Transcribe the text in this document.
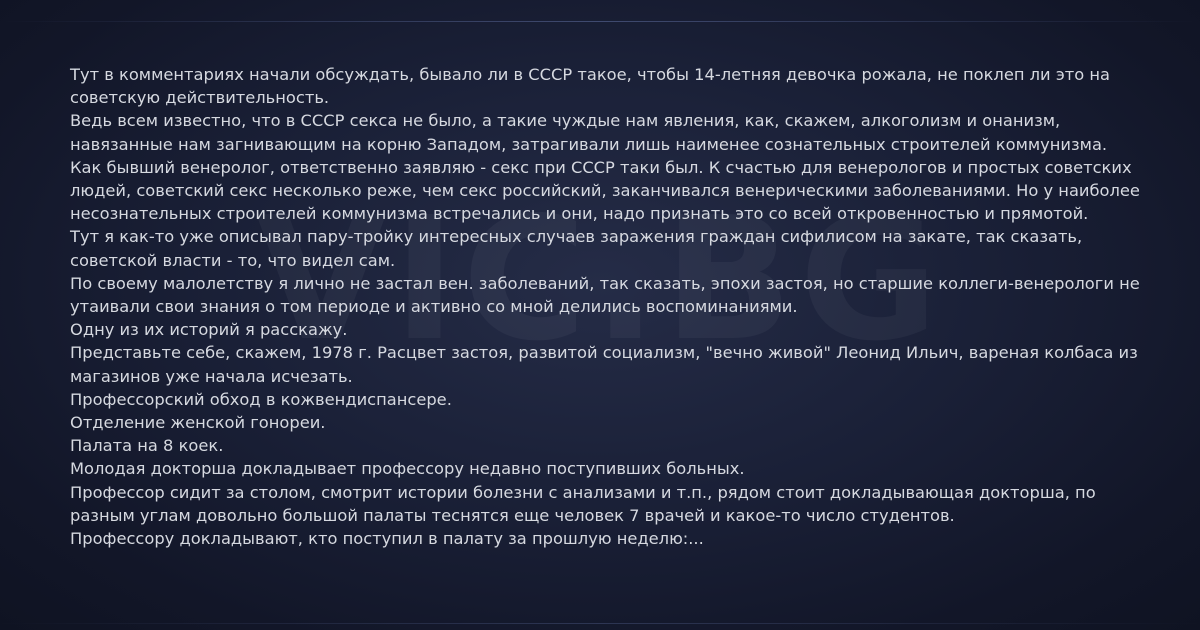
Тут в комментариях начали обсуждать, бывало ли в СССР такое, чтобы 14-летняя девочка рожала, не поклеп ли это на советскую действительность.

Ведь всем известно, что в СССР секса не было, а такие чуждые нам явления, как, скажем, алкоголизм и онанизм, навязанные нам загнивающим на корню Западом, затрагивали лишь наименее сознательных строителей коммунизма.

Как бывший венеролог, ответственно заявляю - секс при СССР таки был. К счастью для венерологов и простых советских людей, советский секс несколько реже, чем секс российский, заканчивался венерическими заболеваниями. Но у наиболее несознательных строителей коммунизма встречались и они, надо признать это со всей откровенностью и прямотой.

Тут я как-то уже описывал пару-тройку интересных случаев заражения граждан сифилисом на закате, так сказать, советской власти - то, что видел сам.

По своему малолетству я лично не застал вен. заболеваний, так сказать, эпохи застоя, но старшие коллеги-венерологи не утаивали свои знания о том периоде и активно со мной делились воспоминаниями.

Одну из их историй я расскажу.

Представьте себе, скажем, 1978 г. Расцвет застоя, развитой социализм, "вечно живой" Леонид Ильич, вареная колбаса из магазинов уже начала исчезать.

Профессорский обход в кожвендиспансере.

Отделение женской гонореи.

Палата на 8 коек.

Молодая докторша докладывает профессору недавно поступивших больных.

Профессор сидит за столом, смотрит истории болезни с анализами и т.п., рядом стоит докладывающая докторша, по разным углам довольно большой палаты теснятся еще человек 7 врачей и какое-то число студентов.

Профессору докладывают, кто поступил в палату за прошлую неделю:...
